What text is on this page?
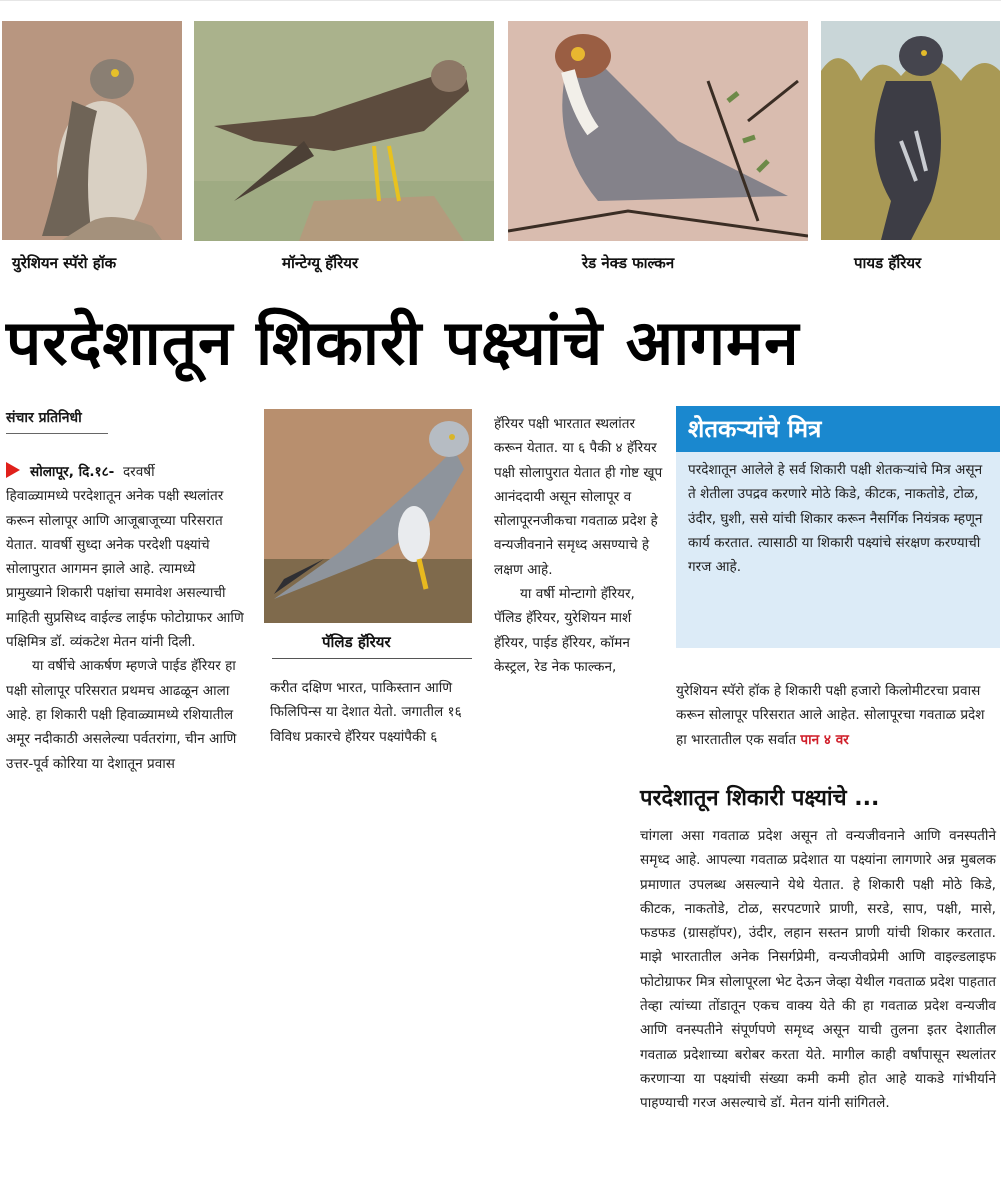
युरेशियन स्पॅरो हॉक	मॉन्टेग्यू हॅरियर	रेड नेक्ड फाल्कन	पायड हॅरियर
परदेशातून शिकारी पक्ष्यांचे आगमन
संचार प्रतिनिधी

सोलापूर, दि.१८- दरवर्षी

हिवाळ्यामध्ये परदेशातून अनेक पक्षी स्थलांतर करून सोलापूर आणि आजूबाजूच्या परिसरात येतात. यावर्षी सुध्दा अनेक परदेशी पक्ष्यांचे सोलापुरात आगमन झाले आहे. त्यामध्ये प्रामुख्याने शिकारी पक्षांचा समावेश असल्याची माहिती सुप्रसिध्द वाईल्ड लाईफ फोटोग्राफर आणि पक्षिमित्र डॉ. व्यंकटेश मेतन यांनी दिली.

या वर्षीचे आकर्षण म्हणजे पाईड हॅरियर हा पक्षी सोलापूर परिसरात प्रथमच आढळून आला आहे. हा शिकारी पक्षी हिवाळ्यामध्ये रशियातील अमूर नदीकाठी असलेल्या पर्वतरांगा, चीन आणि उत्तर-पूर्व कोरिया या देशातून प्रवास

पॅलिड हॅरियर

करीत दक्षिण भारत, पाकिस्तान आणि फिलिपिन्स या देशात येतो. जगातील १६ विविध प्रकारचे हॅरियर पक्ष्यांपैकी ६

हॅरियर पक्षी भारतात स्थलांतर करून येतात. या ६ पैकी ४ हॅरियर पक्षी सोलापुरात येतात ही गोष्ट खूप आनंददायी असून सोलापूर व सोलापूरनजीकचा गवताळ प्रदेश हे वन्यजीवनाने समृध्द असण्याचे हे लक्षण आहे.

या वर्षी मोन्टागो हॅरियर, पॅलिड हॅरियर, युरेशियन मार्श हॅरियर, पाईड हॅरियर, कॉमन केस्ट्रल, रेड नेक फाल्कन,

शेतकऱ्यांचे मित्र
परदेशातून आलेले हे सर्व शिकारी पक्षी शेतकऱ्यांचे मित्र असून ते शेतीला उपद्रव करणारे मोठे किडे, कीटक, नाकतोडे, टोळ, उंदीर, घुशी, ससे यांची शिकार करून नैसर्गिक नियंत्रक म्हणून कार्य करतात. त्यासाठी या शिकारी पक्ष्यांचे संरक्षण करण्याची गरज आहे.

युरेशियन स्पॅरो हॉक हे शिकारी पक्षी हजारो किलोमीटरचा प्रवास करून सोलापूर परिसरात आले आहेत. सोलापूरचा गवताळ प्रदेश हा भारतातील एक सर्वात पान ४ वर

परदेशातून शिकारी पक्ष्यांचे ...

चांगला असा गवताळ प्रदेश असून तो वन्यजीवनाने आणि वनस्पतीने समृध्द आहे. आपल्या गवताळ प्रदेशात या पक्ष्यांना लागणारे अन्न मुबलक प्रमाणात उपलब्ध असल्याने येथे येतात. हे शिकारी पक्षी मोठे किडे, कीटक, नाकतोडे, टोळ, सरपटणारे प्राणी, सरडे, साप, पक्षी, मासे, फडफड (ग्रासहॉपर), उंदीर, लहान सस्तन प्राणी यांची शिकार करतात. माझे भारतातील अनेक निसर्गप्रेमी, वन्यजीवप्रेमी आणि वाइल्डलाइफ फोटोग्राफर मित्र सोलापूरला भेट देऊन जेव्हा येथील गवताळ प्रदेश पाहतात तेव्हा त्यांच्या तोंडातून एकच वाक्य येते की हा गवताळ प्रदेश वन्यजीव आणि वनस्पतीने संपूर्णपणे समृध्द असून याची तुलना इतर देशातील गवताळ प्रदेशाच्या बरोबर करता येते. मागील काही वर्षांपासून स्थलांतर करणाऱ्या या पक्ष्यांची संख्या कमी कमी होत आहे याकडे गांभीर्याने पाहण्याची गरज असल्याचे डॉ. मेतन यांनी सांगितले.
